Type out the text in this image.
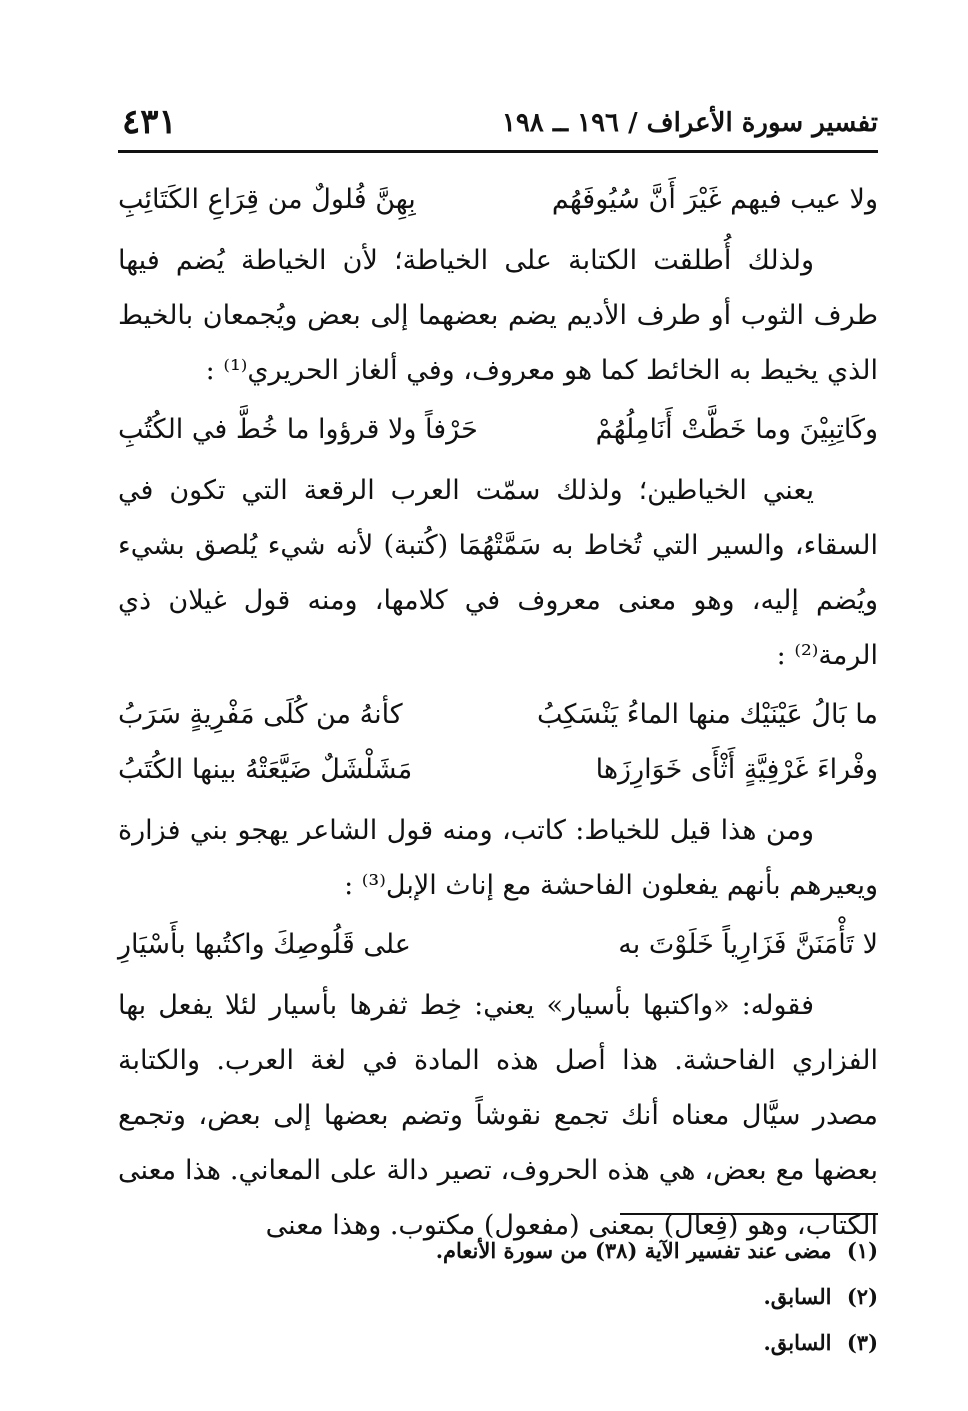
تفسير سورة الأعراف / ١٩٦ ــ ١٩٨
٤٣١
ولا عيب فيهم غَيْرَ أَنَّ سُيُوفَهُم
بِهِنَّ فُلولٌ من قِرَاعِ الكَتَائِبِ

ولذلك أُطلقت الكتابة على الخياطة؛ لأن الخياطة يُضم فيها طرف الثوب أو طرف الأديم يضم بعضهما إلى بعض ويُجمعان بالخيط الذي يخيط به الخائط كما هو معروف، وفي ألغاز الحريري⁽¹⁾ :

وكَاتِبِيْنَ وما خَطَّتْ أَنَامِلُهُمْ
حَرْفاً ولا قرؤوا ما خُطَّ في الكُتُبِ

يعني الخياطين؛ ولذلك سمّت العرب الرقعة التي تكون في السقاء، والسير التي تُخاط به سَمَّتْهُمَا (كُتبة) لأنه شيء يُلصق بشيء ويُضم إليه، وهو معنى معروف في كلامها، ومنه قول غيلان ذي الرمة⁽²⁾ :

ما بَالُ عَيْنَيْك منها الماءُ يَنْسَكِبُ
كأنهُ من كُلَى مَفْرِيةٍ سَرَبُ
وفْراءَ غَرْفِيَّةٍ أَثْأَى خَوَارِزَها
مَشَلْشَلٌ ضَيَّعَتْهُ بينها الكُتَبُ

ومن هذا قيل للخياط: كاتب، ومنه قول الشاعر يهجو بني فزارة ويعيرهم بأنهم يفعلون الفاحشة مع إناث الإبل⁽³⁾ :

لا تَأْمَنَنَّ فَزَارِياً خَلَوْتَ به
على قَلُوصِكَ واكتُبها بأَسْيَارِ

فقوله: «واكتبها بأسيار» يعني: خِط ثفرها بأسيار لئلا يفعل بها الفزاري الفاحشة. هذا أصل هذه المادة في لغة العرب. والكتابة مصدر سيَّال معناه أنك تجمع نقوشاً وتضم بعضها إلى بعض، وتجمع بعضها مع بعض، هي هذه الحروف، تصير دالة على المعاني. هذا معنى الكتاب، وهو (فِعال) بمعنى (مفعول) مكتوب. وهذا معنى

(١) مضى عند تفسير الآية (٣٨) من سورة الأنعام.
(٢) السابق.
(٣) السابق.
